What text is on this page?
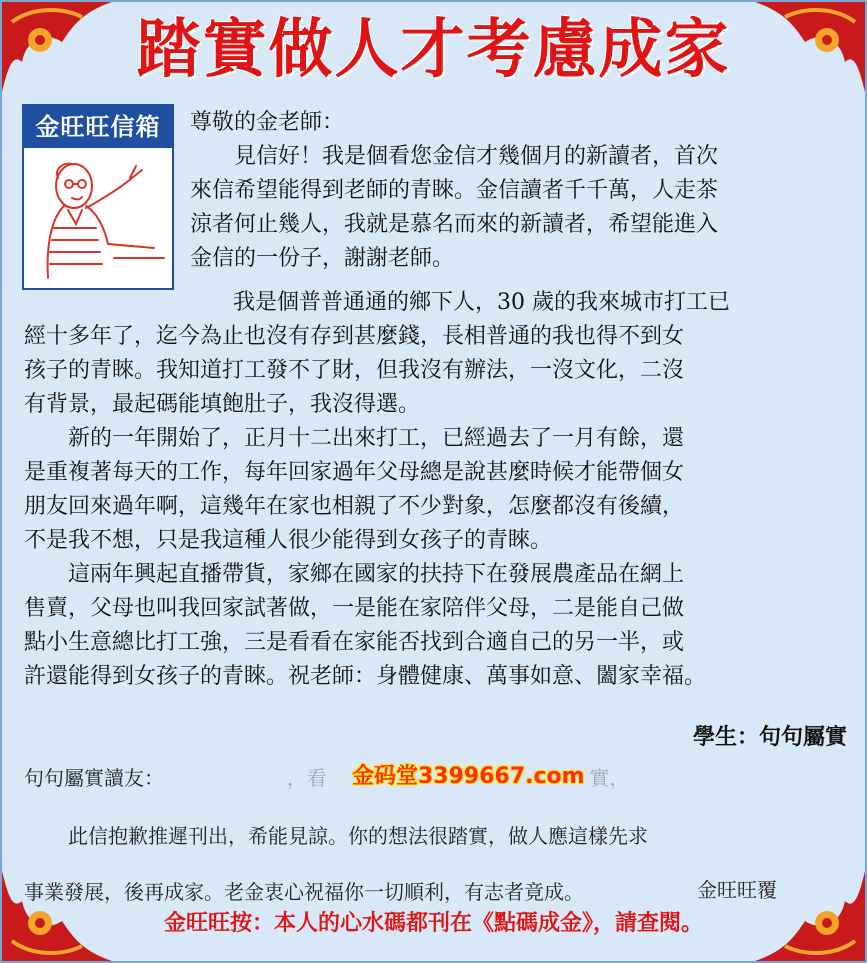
踏實做人才考慮成家
金旺旺信箱	尊敬的金老師：

見信好！我是個看您金信才幾個月的新讀者，首次

來信希望能得到老師的青睞。金信讀者千千萬，人走茶

涼者何止幾人，我就是慕名而來的新讀者，希望能進入

金信的一份子，謝謝老師。

我是個普普通通的鄉下人，30 歲的我來城市打工已

經十多年了，迄今為止也沒有存到甚麼錢，長相普通的我也得不到女

孩子的青睞。我知道打工發不了財，但我沒有辦法，一沒文化，二沒

有背景，最起碼能填飽肚子，我沒得選。

新的一年開始了，正月十二出來打工，已經過去了一月有餘，還

是重複著每天的工作，每年回家過年父母總是說甚麼時候才能帶個女

朋友回來過年啊，這幾年在家也相親了不少對象，怎麼都沒有後續，

不是我不想，只是我這種人很少能得到女孩子的青睞。

這兩年興起直播帶貨，家鄉在國家的扶持下在發展農產品在網上

售賣，父母也叫我回家試著做，一是能在家陪伴父母，二是能自己做

點小生意總比打工強，三是看看在家能否找到合適自己的另一半，或

許還能得到女孩子的青睞。祝老師：身體健康、萬事如意、闔家幸福。

學生：句句屬實
句句屬實讀友：	，看	實，
金码堂3399667.com

此信抱歉推遲刊出，希能見諒。你的想法很踏實，做人應這樣先求

事業發展，後再成家。老金衷心祝福你一切順利，有志者竟成。	金旺旺覆
金旺旺按：本人的心水碼都刊在《點碼成金》，請查閱。
